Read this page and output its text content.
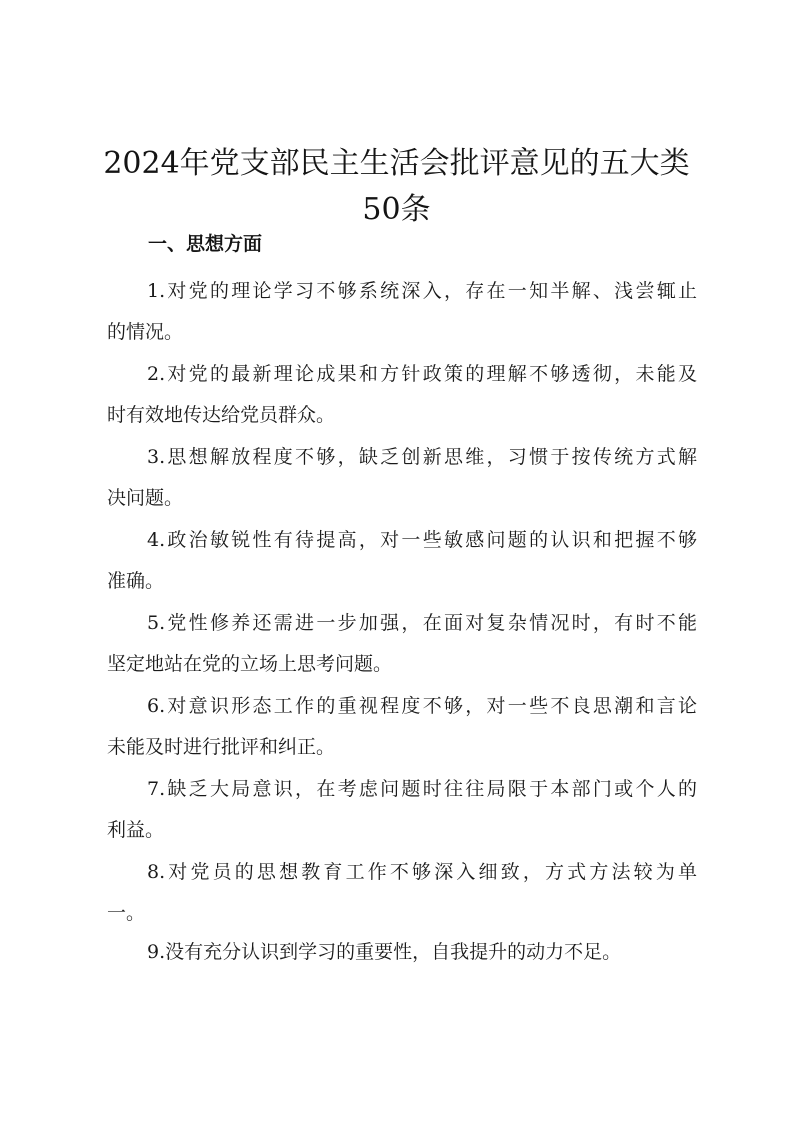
2024年党支部民主生活会批评意见的五大类
50条
一、思想方面
1.对党的理论学习不够系统深入，存在一知半解、浅尝辄止
的情况。
2.对党的最新理论成果和方针政策的理解不够透彻，未能及
时有效地传达给党员群众。
3.思想解放程度不够，缺乏创新思维，习惯于按传统方式解
决问题。
4.政治敏锐性有待提高，对一些敏感问题的认识和把握不够
准确。
5.党性修养还需进一步加强，在面对复杂情况时，有时不能
坚定地站在党的立场上思考问题。
6.对意识形态工作的重视程度不够，对一些不良思潮和言论
未能及时进行批评和纠正。
7.缺乏大局意识，在考虑问题时往往局限于本部门或个人的
利益。
8.对党员的思想教育工作不够深入细致，方式方法较为单
一。
9.没有充分认识到学习的重要性，自我提升的动力不足。
